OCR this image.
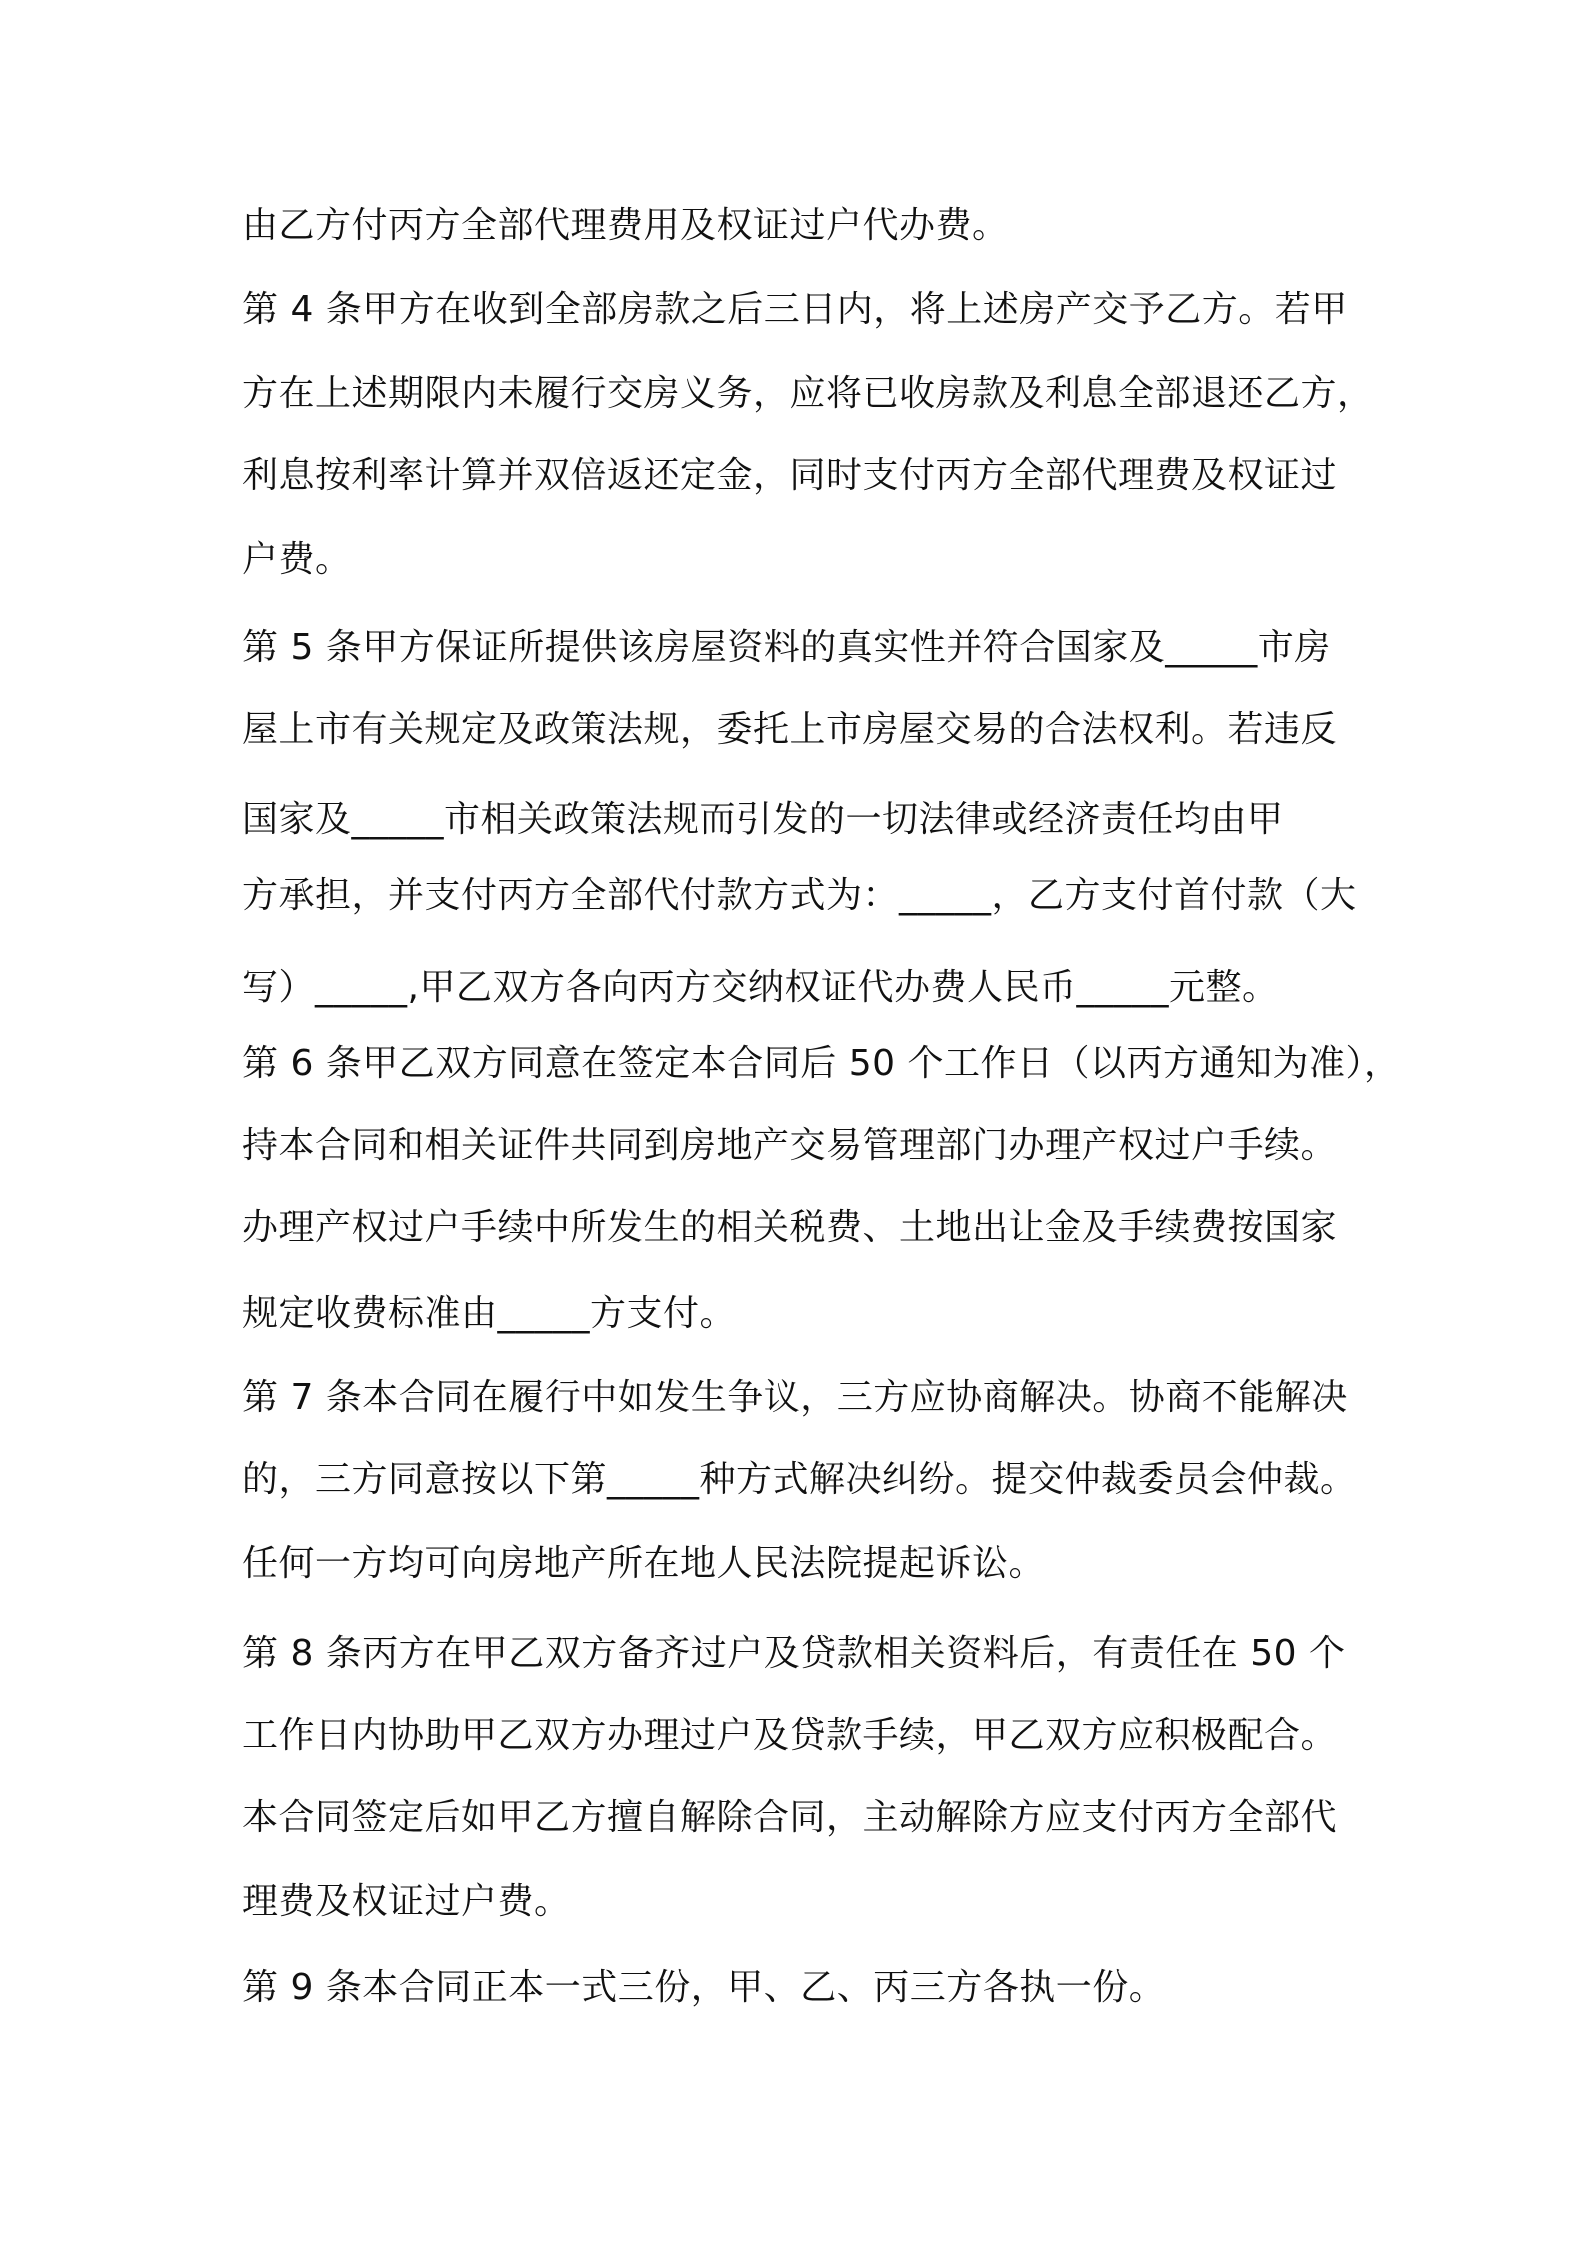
由乙方付丙方全部代理费用及权证过户代办费。
第 4 条甲方在收到全部房款之后三日内，将上述房产交予乙方。若甲
方在上述期限内未履行交房义务，应将已收房款及利息全部退还乙方，
利息按利率计算并双倍返还定金，同时支付丙方全部代理费及权证过
户费。
第 5 条甲方保证所提供该房屋资料的真实性并符合国家及_____市房
屋上市有关规定及政策法规，委托上市房屋交易的合法权利。若违反
国家及_____市相关政策法规而引发的一切法律或经济责任均由甲
方承担，并支付丙方全部代付款方式为：_____，乙方支付首付款（大
写）_____,甲乙双方各向丙方交纳权证代办费人民币_____元整。
第 6 条甲乙双方同意在签定本合同后 50 个工作日（以丙方通知为准），
持本合同和相关证件共同到房地产交易管理部门办理产权过户手续。
办理产权过户手续中所发生的相关税费、土地出让金及手续费按国家
规定收费标准由_____方支付。
第 7 条本合同在履行中如发生争议，三方应协商解决。协商不能解决
的，三方同意按以下第_____种方式解决纠纷。提交仲裁委员会仲裁。
任何一方均可向房地产所在地人民法院提起诉讼。
第 8 条丙方在甲乙双方备齐过户及贷款相关资料后，有责任在 50 个
工作日内协助甲乙双方办理过户及贷款手续，甲乙双方应积极配合。
本合同签定后如甲乙方擅自解除合同，主动解除方应支付丙方全部代
理费及权证过户费。
第 9 条本合同正本一式三份，甲、乙、丙三方各执一份。
